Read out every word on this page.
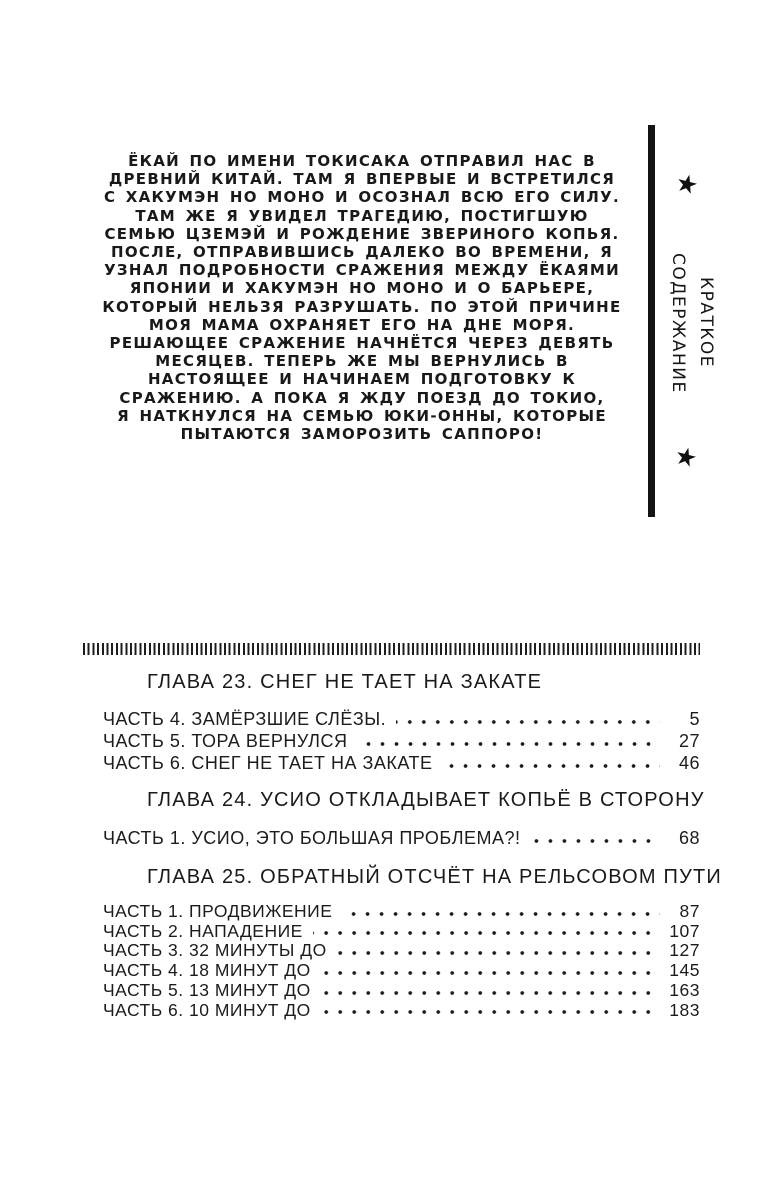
ЁКАЙ ПО ИМЕНИ ТОКИСАКА ОТПРАВИЛ НАС В
ДРЕВНИЙ КИТАЙ. ТАМ Я ВПЕРВЫЕ И ВСТРЕТИЛСЯ
С ХАКУМЭН НО МОНО И ОСОЗНАЛ ВСЮ ЕГО СИЛУ.
ТАМ ЖЕ Я УВИДЕЛ ТРАГЕДИЮ, ПОСТИГШУЮ
СЕМЬЮ ЦЗЕМЭЙ И РОЖДЕНИЕ ЗВЕРИНОГО КОПЬЯ.
ПОСЛЕ, ОТПРАВИВШИСЬ ДАЛЕКО ВО ВРЕМЕНИ, Я
УЗНАЛ ПОДРОБНОСТИ СРАЖЕНИЯ МЕЖДУ ЁКАЯМИ
ЯПОНИИ И ХАКУМЭН НО МОНО И О БАРЬЕРЕ,
КОТОРЫЙ НЕЛЬЗЯ РАЗРУШАТЬ. ПО ЭТОЙ ПРИЧИНЕ
МОЯ МАМА ОХРАНЯЕТ ЕГО НА ДНЕ МОРЯ.
РЕШАЮЩЕЕ СРАЖЕНИЕ НАЧНЁТСЯ ЧЕРЕЗ ДЕВЯТЬ
МЕСЯЦЕВ. ТЕПЕРЬ ЖЕ МЫ ВЕРНУЛИСЬ В
НАСТОЯЩЕЕ И НАЧИНАЕМ ПОДГОТОВКУ К
СРАЖЕНИЮ. А ПОКА Я ЖДУ ПОЕЗД ДО ТОКИО,
Я НАТКНУЛСЯ НА СЕМЬЮ ЮКИ-ОННЫ, КОТОРЫЕ
ПЫТАЮТСЯ ЗАМОРОЗИТЬ САППОРО!
★
КРАТКОЕ
СОДЕРЖАНИЕ
★
ГЛАВА 23. СНЕГ НЕ ТАЕТ НА ЗАКАТЕ
ЧАСТЬ 4. ЗАМЁРЗШИЕ СЛЁЗЫ.	5
ЧАСТЬ 5. ТОРА ВЕРНУЛСЯ	27
ЧАСТЬ 6. СНЕГ НЕ ТАЕТ НА ЗАКАТЕ	46
ГЛАВА 24. УСИО ОТКЛАДЫВАЕТ КОПЬЁ В СТОРОНУ
ЧАСТЬ 1. УСИО, ЭТО БОЛЬШАЯ ПРОБЛЕМА?!	68
ГЛАВА 25. ОБРАТНЫЙ ОТСЧЁТ НА РЕЛЬСОВОМ ПУТИ
ЧАСТЬ 1. ПРОДВИЖЕНИЕ	87
ЧАСТЬ 2. НАПАДЕНИЕ	107
ЧАСТЬ 3. 32 МИНУТЫ ДО	127
ЧАСТЬ 4. 18 МИНУТ ДО	145
ЧАСТЬ 5. 13 МИНУТ ДО	163
ЧАСТЬ 6. 10 МИНУТ ДО	183
